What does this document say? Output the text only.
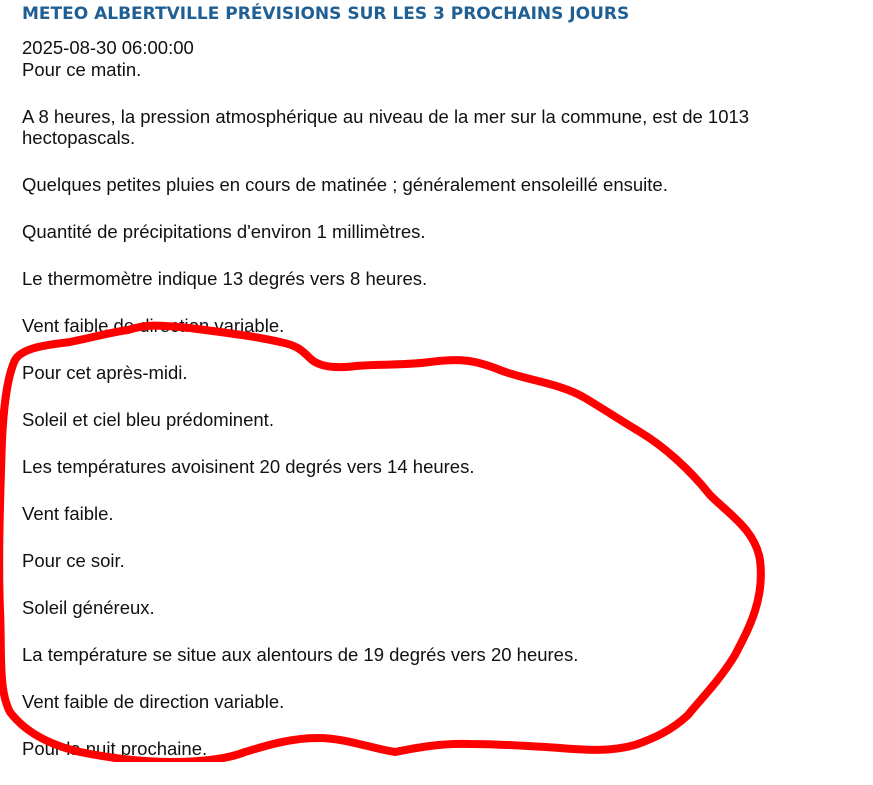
METEO ALBERTVILLE PRÉVISIONS SUR LES 3 PROCHAINS JOURS

2025-08-30 06:00:00

Pour ce matin.

A 8 heures, la pression atmosphérique au niveau de la mer sur la commune, est de 1013 hectopascals.

Quelques petites pluies en cours de matinée ; généralement ensoleillé ensuite.

Quantité de précipitations d'environ 1 millimètres.

Le thermomètre indique 13 degrés vers 8 heures.

Vent faible de direction variable.

Pour cet après-midi.

Soleil et ciel bleu prédominent.

Les températures avoisinent 20 degrés vers 14 heures.

Vent faible.

Pour ce soir.

Soleil généreux.

La température se situe aux alentours de 19 degrés vers 20 heures.

Vent faible de direction variable.

Pour la nuit prochaine.
